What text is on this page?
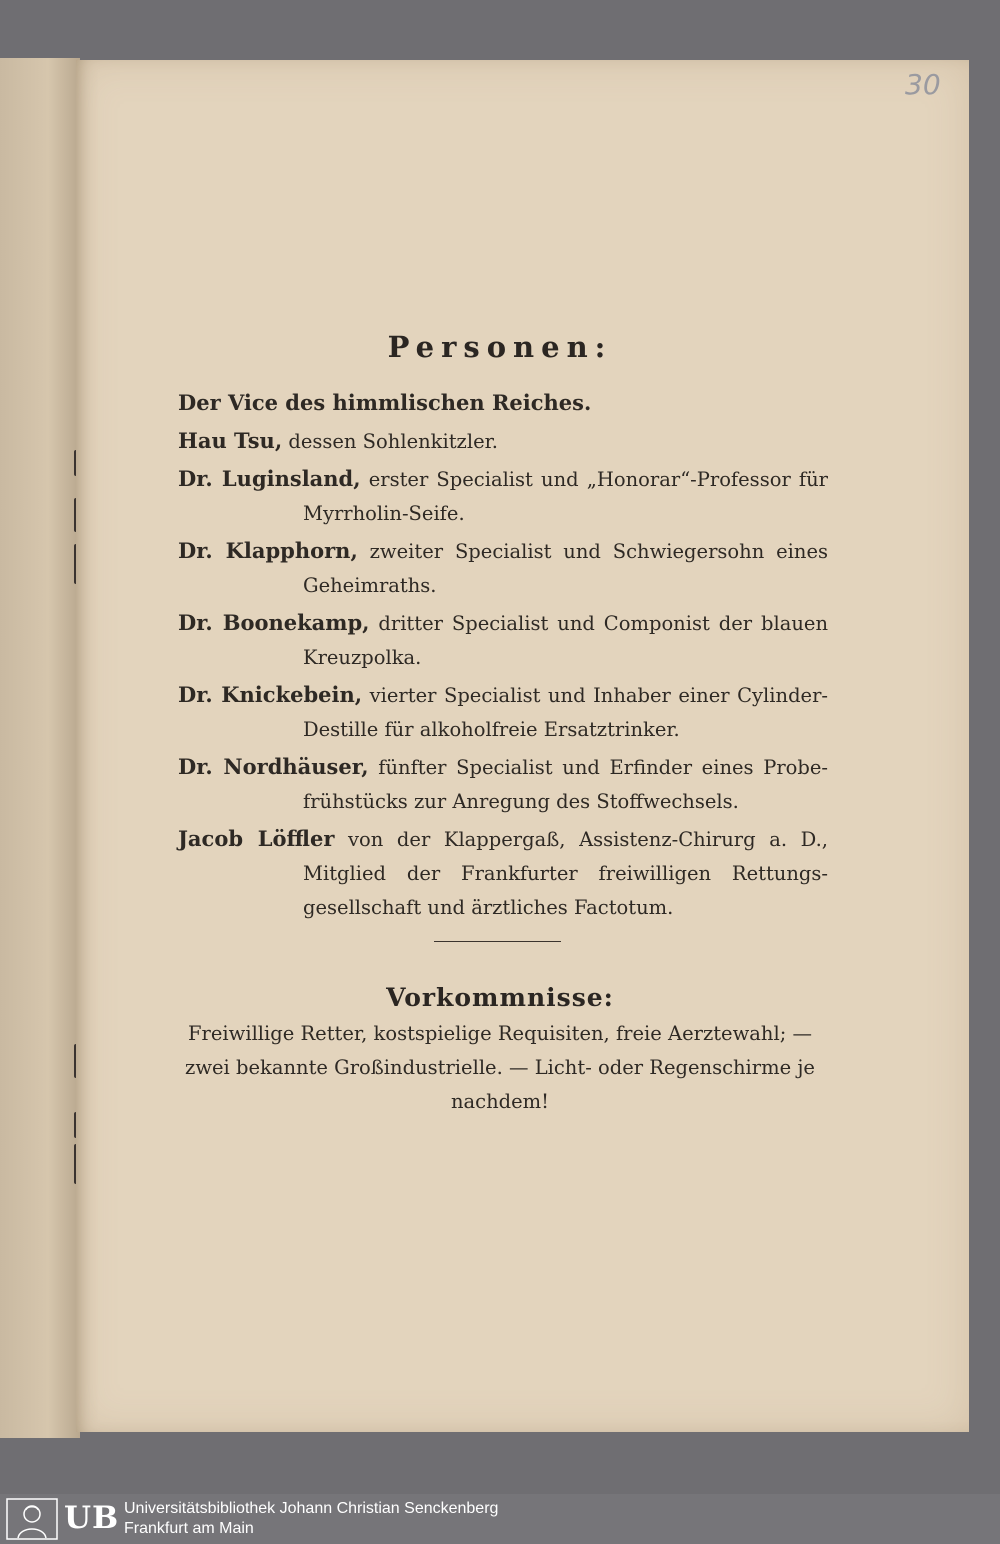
30
Personen:

Der Vice des himmlischen Reiches.

Hau Tsu, dessen Sohlenkitzler.

Dr. Luginsland, erster Specialist und „Honorar“-Professor für Myrrholin-Seife.

Dr. Klapphorn, zweiter Specialist und Schwiegersohn eines Geheimraths.

Dr. Boonekamp, dritter Specialist und Componist der blauen Kreuzpolka.

Dr. Knickebein, vierter Specialist und Inhaber einer Cylinder-Destille für alkoholfreie Ersatztrinker.

Dr. Nordhäuser, fünfter Specialist und Erfinder eines Probe-frühstücks zur Anregung des Stoffwechsels.

Jacob Löffler von der Klappergaß, Assistenz-Chirurg a. D., Mitglied der Frankfurter freiwilligen Rettungs-gesellschaft und ärztliches Factotum.

Vorkommnisse:
Freiwillige Retter, kostspielige Requisiten, freie Aerztewahl; — zwei bekannte Großindustrielle. — Licht- oder Regenschirme je nachdem!
UB Universitätsbibliothek Johann Christian Senckenberg
Frankfurt am Main
